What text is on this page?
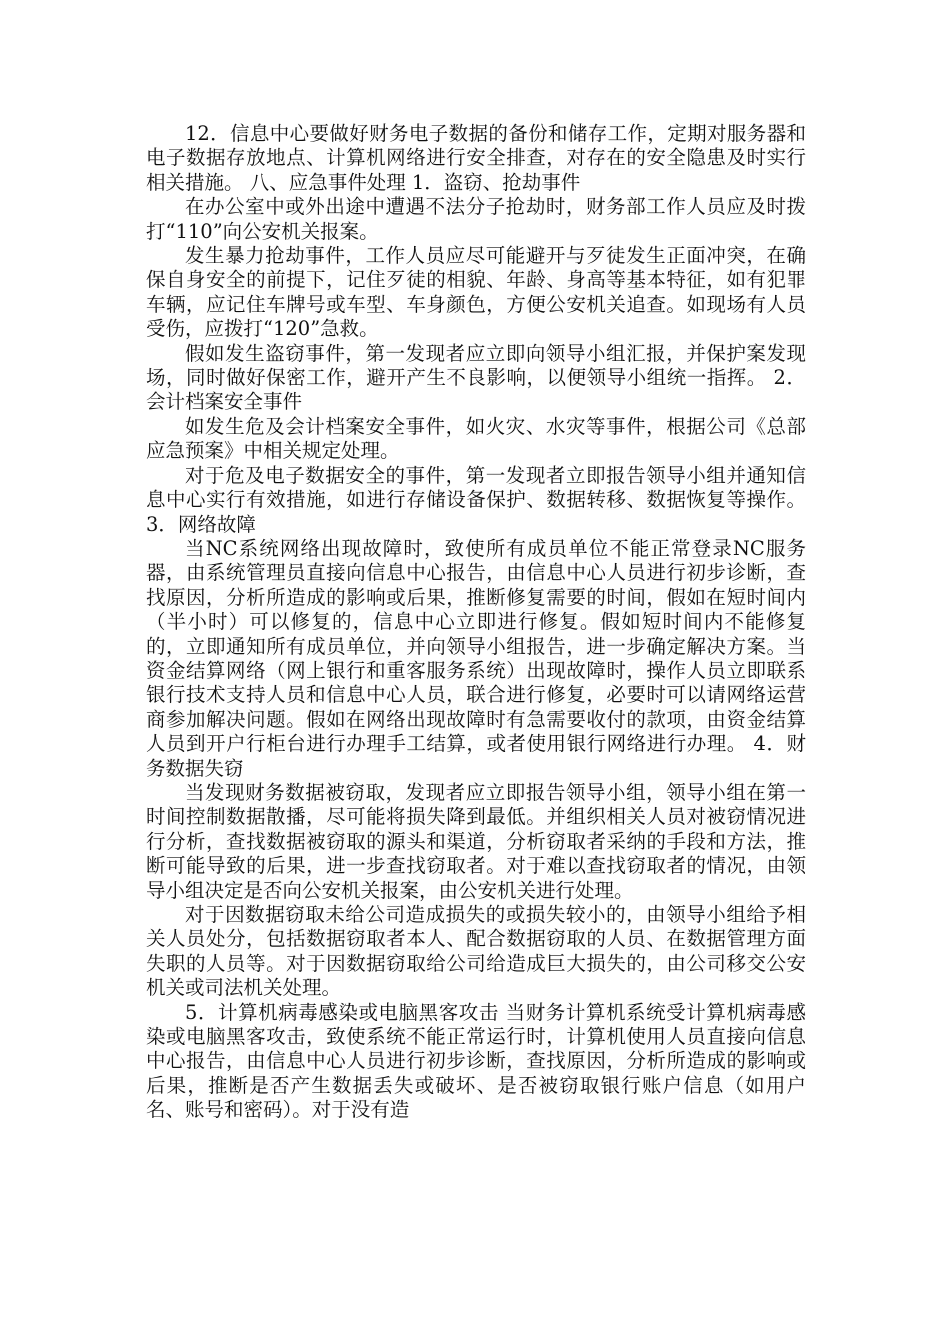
12．信息中心要做好财务电子数据的备份和储存工作，定期对服务器和电子数据存放地点、计算机网络进行安全排查，对存在的安全隐患及时实行相关措施。 八、应急事件处理 1．盗窃、抢劫事件

在办公室中或外出途中遭遇不法分子抢劫时，财务部工作人员应及时拨打“110”向公安机关报案。

发生暴力抢劫事件，工作人员应尽可能避开与歹徒发生正面冲突，在确保自身安全的前提下，记住歹徒的相貌、年龄、身高等基本特征，如有犯罪车辆，应记住车牌号或车型、车身颜色，方便公安机关追查。如现场有人员受伤，应拨打“120”急救。

假如发生盗窃事件，第一发现者应立即向领导小组汇报，并保护案发现场，同时做好保密工作，避开产生不良影响，以便领导小组统一指挥。 2．会计档案安全事件

如发生危及会计档案安全事件，如火灾、水灾等事件，根据公司《总部应急预案》中相关规定处理。

对于危及电子数据安全的事件，第一发现者立即报告领导小组并通知信息中心实行有效措施，如进行存储设备保护、数据转移、数据恢复等操作。 3．网络故障

当NC系统网络出现故障时，致使所有成员单位不能正常登录NC服务器，由系统管理员直接向信息中心报告，由信息中心人员进行初步诊断，查找原因，分析所造成的影响或后果，推断修复需要的时间，假如在短时间内（半小时）可以修复的，信息中心立即进行修复。假如短时间内不能修复的，立即通知所有成员单位，并向领导小组报告，进一步确定解决方案。当资金结算网络（网上银行和重客服务系统）出现故障时，操作人员立即联系银行技术支持人员和信息中心人员，联合进行修复，必要时可以请网络运营商参加解决问题。假如在网络出现故障时有急需要收付的款项，由资金结算人员到开户行柜台进行办理手工结算，或者使用银行网络进行办理。 4．财务数据失窃

当发现财务数据被窃取，发现者应立即报告领导小组，领导小组在第一时间控制数据散播，尽可能将损失降到最低。并组织相关人员对被窃情况进行分析，查找数据被窃取的源头和渠道，分析窃取者采纳的手段和方法，推断可能导致的后果，进一步查找窃取者。对于难以查找窃取者的情况，由领导小组决定是否向公安机关报案，由公安机关进行处理。

对于因数据窃取未给公司造成损失的或损失较小的，由领导小组给予相关人员处分，包括数据窃取者本人、配合数据窃取的人员、在数据管理方面失职的人员等。对于因数据窃取给公司给造成巨大损失的，由公司移交公安机关或司法机关处理。

5．计算机病毒感染或电脑黑客攻击 当财务计算机系统受计算机病毒感染或电脑黑客攻击，致使系统不能正常运行时，计算机使用人员直接向信息中心报告，由信息中心人员进行初步诊断，查找原因，分析所造成的影响或后果，推断是否产生数据丢失或破坏、是否被窃取银行账户信息（如用户名、账号和密码）。对于没有造
